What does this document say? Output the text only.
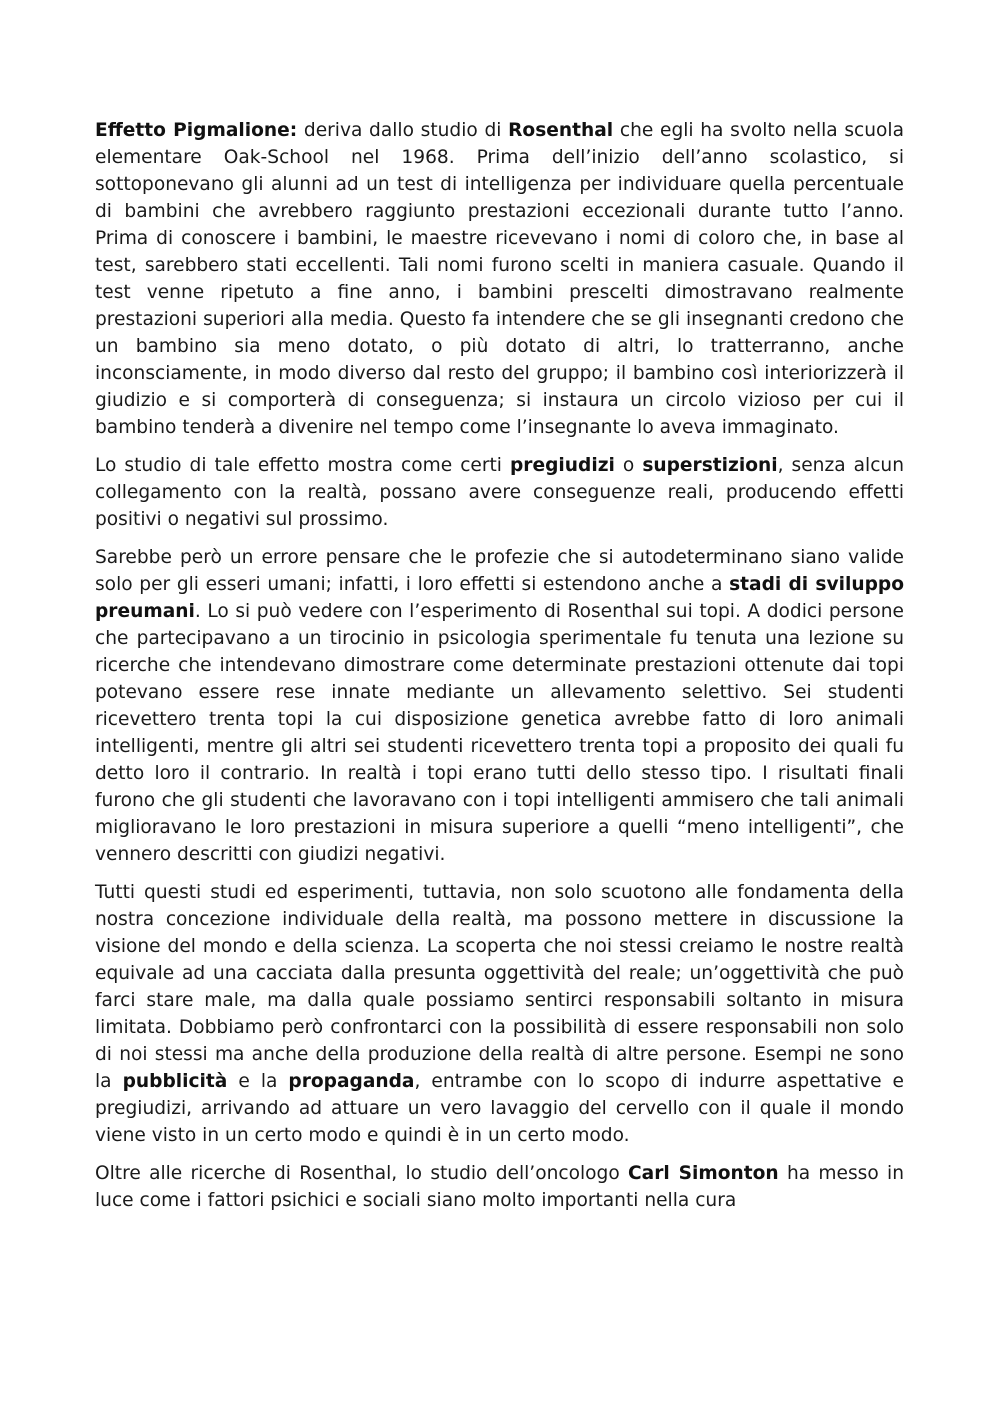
Effetto Pigmalione: deriva dallo studio di Rosenthal che egli ha svolto nella scuola elementare Oak-School nel 1968. Prima dell’inizio dell’anno scolastico, si sottoponevano gli alunni ad un test di intelligenza per individuare quella percentuale di bambini che avrebbero raggiunto prestazioni eccezionali durante tutto l’anno. Prima di conoscere i bambini, le maestre ricevevano i nomi di coloro che, in base al test, sarebbero stati eccellenti. Tali nomi furono scelti in maniera casuale. Quando il test venne ripetuto a fine anno, i bambini prescelti dimostravano realmente prestazioni superiori alla media. Questo fa intendere che se gli insegnanti credono che un bambino sia meno dotato, o più dotato di altri, lo tratterranno, anche inconsciamente, in modo diverso dal resto del gruppo; il bambino così interiorizzerà il giudizio e si comporterà di conseguenza; si instaura un circolo vizioso per cui il bambino tenderà a divenire nel tempo come l’insegnante lo aveva immaginato.

Lo studio di tale effetto mostra come certi pregiudizi o superstizioni, senza alcun collegamento con la realtà, possano avere conseguenze reali, producendo effetti positivi o negativi sul prossimo.

Sarebbe però un errore pensare che le profezie che si autodeterminano siano valide solo per gli esseri umani; infatti, i loro effetti si estendono anche a stadi di sviluppo preumani. Lo si può vedere con l’esperimento di Rosenthal sui topi. A dodici persone che partecipavano a un tirocinio in psicologia sperimentale fu tenuta una lezione su ricerche che intendevano dimostrare come determinate prestazioni ottenute dai topi potevano essere rese innate mediante un allevamento selettivo. Sei studenti ricevettero trenta topi la cui disposizione genetica avrebbe fatto di loro animali intelligenti, mentre gli altri sei studenti ricevettero trenta topi a proposito dei quali fu detto loro il contrario. In realtà i topi erano tutti dello stesso tipo. I risultati finali furono che gli studenti che lavoravano con i topi intelligenti ammisero che tali animali miglioravano le loro prestazioni in misura superiore a quelli “meno intelligenti”, che vennero descritti con giudizi negativi.

Tutti questi studi ed esperimenti, tuttavia, non solo scuotono alle fondamenta della nostra concezione individuale della realtà, ma possono mettere in discussione la visione del mondo e della scienza. La scoperta che noi stessi creiamo le nostre realtà equivale ad una cacciata dalla presunta oggettività del reale; un’oggettività che può farci stare male, ma dalla quale possiamo sentirci responsabili soltanto in misura limitata. Dobbiamo però confrontarci con la possibilità di essere responsabili non solo di noi stessi ma anche della produzione della realtà di altre persone. Esempi ne sono la pubblicità e la propaganda, entrambe con lo scopo di indurre aspettative e pregiudizi, arrivando ad attuare un vero lavaggio del cervello con il quale il mondo viene visto in un certo modo e quindi è in un certo modo.

Oltre alle ricerche di Rosenthal, lo studio dell’oncologo Carl Simonton ha messo in luce come i fattori psichici e sociali siano molto importanti nella cura
